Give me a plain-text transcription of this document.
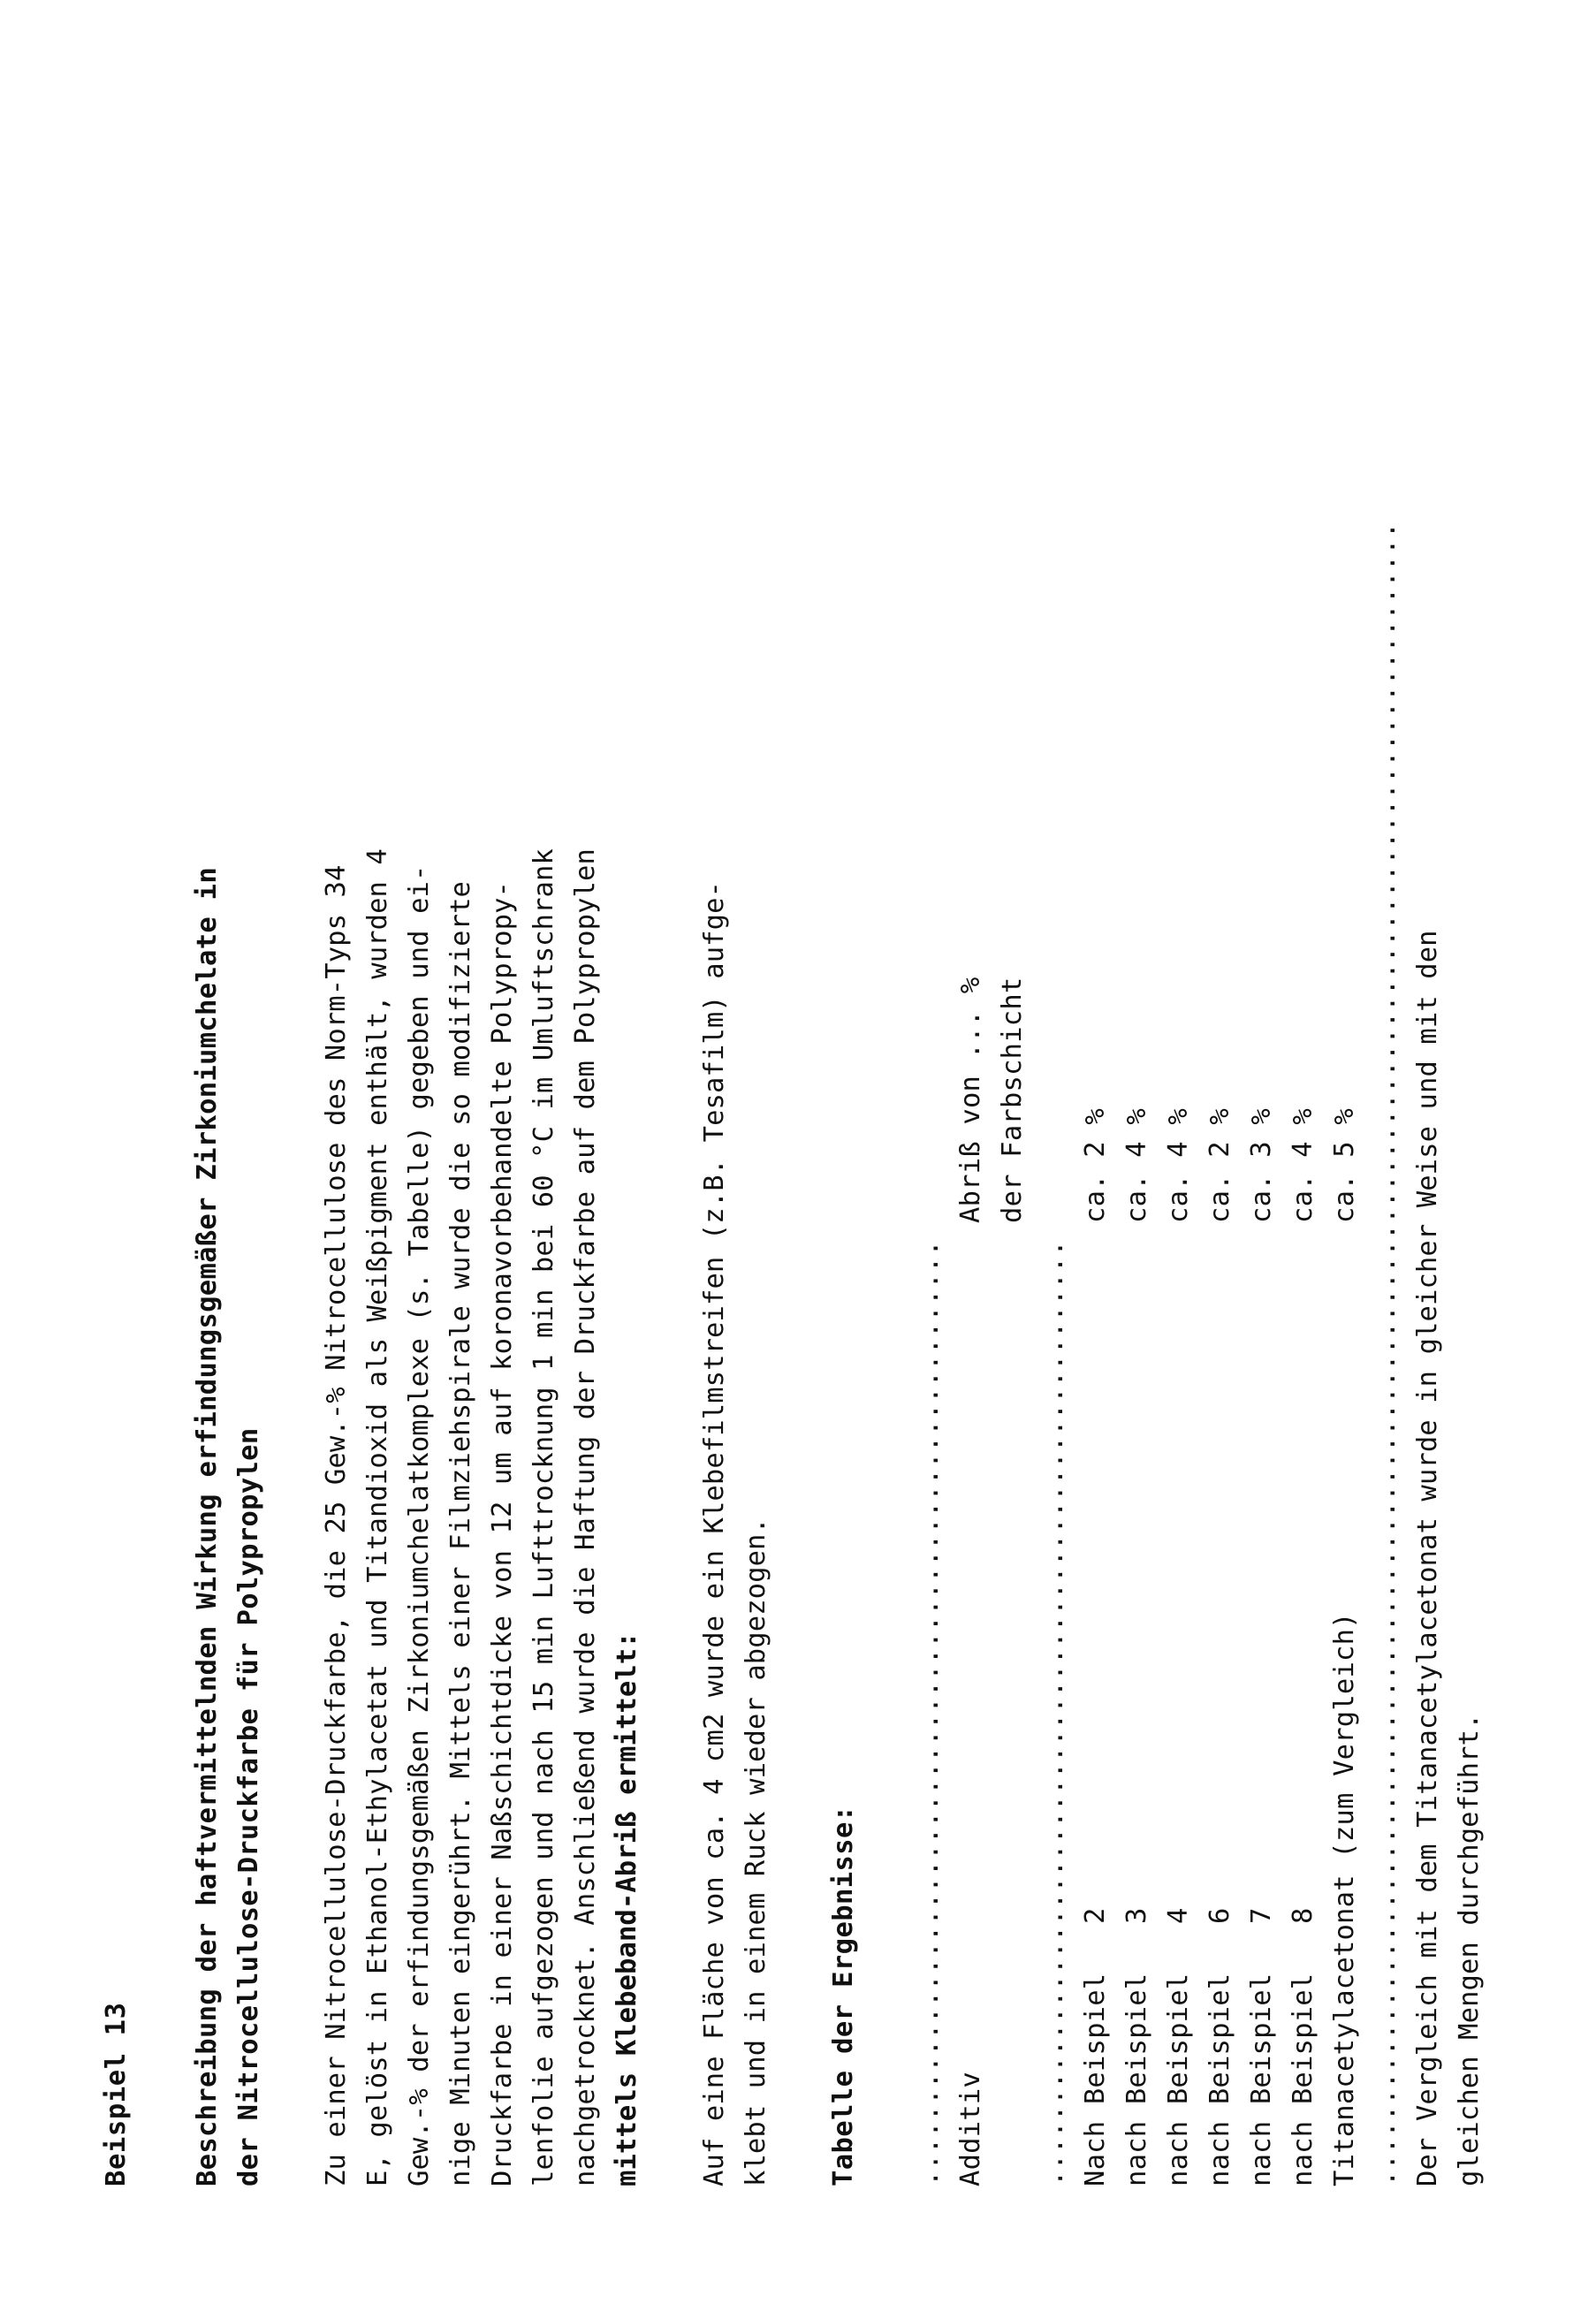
Beispiel 13 Beschreibung der haftvermittelnden Wirkung erfindungsgemäßer Zirkoniumchelate in der Nitrocellulose-Druckfarbe für Polypropylen Zu einer Nitrocellulose-Druckfarbe, die 25 Gew.-% Nitrocellulose des Norm-Typs 34 E, gelöst in Ethanol-Ethylacetat und Titandioxid als Weißpigment enthält, wurden 4 Gew.-% der erfindungsgemäßen Zirkoniumchelatkomplexe (s. Tabelle) gegeben und ei- nige Minuten eingerührt. Mittels einer Filmziehspirale wurde die so modifizierte Druckfarbe in einer Naßschichtdicke von 12 um auf koronavorbehandelte Polypropy- lenfolie aufgezogen und nach 15 min Lufttrocknung 1 min bei 60 °C im Umluftschrank nachgetrocknet. Anschließend wurde die Haftung der Druckfarbe auf dem Polypropylen mittels Klebeband-Abriß ermittelt: Auf eine Fläche von ca. 4 cm2 wurde ein Klebefilmstreifen (z.B. Tesafilm) aufge- klebt und in einem Ruck wieder abgezogen. Tabelle der Ergebnisse: .......................................................... Additiv	Abriß von ... %
	der Farbschicht
.......................................................... Nach Beispiel   2	ca. 2 %
nach Beispiel   3	ca. 4 %
nach Beispiel   4	ca. 4 %
nach Beispiel   6	ca. 2 %
nach Beispiel   7	ca. 3 %
nach Beispiel   8	ca. 4 %
Titanacetylacetonat (zum Vergleich)	ca. 5 % ...................................................................................................... Der Vergleich mit dem Titanacetylacetonat wurde in gleicher Weise und mit den gleichen Mengen durchgeführt.
